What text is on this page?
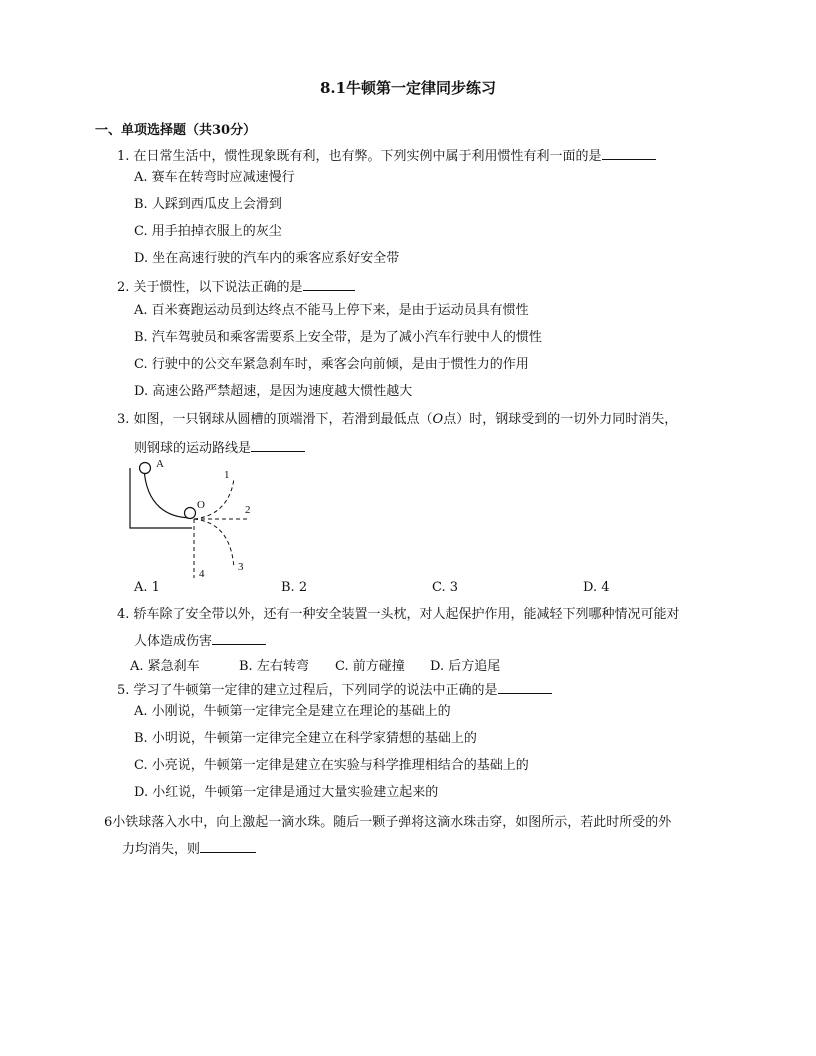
8.1牛顿第一定律同步练习
一、单项选择题（共30分）
1. 在日常生活中，惯性现象既有利，也有弊。下列实例中属于利用惯性有利一面的是
A. 赛车在转弯时应减速慢行
B. 人踩到西瓜皮上会滑到
C. 用手拍掉衣服上的灰尘
D. 坐在高速行驶的汽车内的乘客应系好安全带
2. 关于惯性，以下说法正确的是
A. 百米赛跑运动员到达终点不能马上停下来，是由于运动员具有惯性
B. 汽车驾驶员和乘客需要系上安全带，是为了减小汽车行驶中人的惯性
C. 行驶中的公交车紧急刹车时，乘客会向前倾，是由于惯性力的作用
D. 高速公路严禁超速，是因为速度越大惯性越大
3. 如图，一只钢球从圆槽的顶端滑下，若滑到最低点（O点）时，钢球受到的一切外力同时消失，
则钢球的运动路线是
A
O
1
2
3
4
A. 1	B. 2	C. 3	D. 4
4. 轿车除了安全带以外，还有一种安全装置一头枕，对人起保护作用，能减轻下列哪种情况可能对
人体造成伤害
A. 紧急刹车	B. 左右转弯 C. 前方碰撞 D. 后方追尾
5. 学习了牛顿第一定律的建立过程后，下列同学的说法中正确的是
A. 小刚说，牛顿第一定律完全是建立在理论的基础上的
B. 小明说，牛顿第一定律完全建立在科学家猜想的基础上的
C. 小亮说，牛顿第一定律是建立在实验与科学推理相结合的基础上的
D. 小红说，牛顿第一定律是通过大量实验建立起来的
6小铁球落入水中，向上激起一滴水珠。随后一颗子弹将这滴水珠击穿，如图所示，若此时所受的外
力均消失，则
